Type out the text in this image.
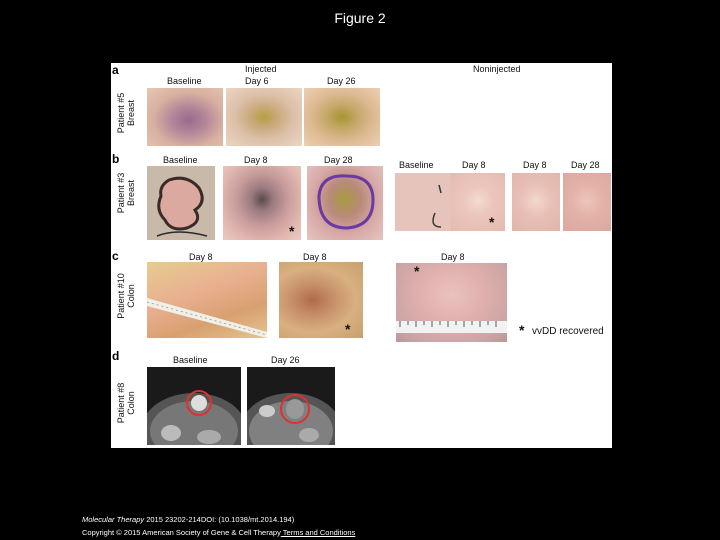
Figure 2
a	Injected	Noninjected
Baseline	Day 6	Day 26
Patient #5 Breast
b	Baseline	Day 8	Day 28	Baseline	Day 8	Day 8	Day 28
Patient #3 Breast
*
*
c	Day 8	Day 8	Day 8
Patient #10 Colon
*
*
* vvDD recovered
d	Baseline	Day 26
Patient #8 Colon
Molecular Therapy 2015 23202-214DOI: (10.1038/mt.2014.194)
Copyright © 2015 American Society of Gene & Cell Therapy Terms and Conditions
